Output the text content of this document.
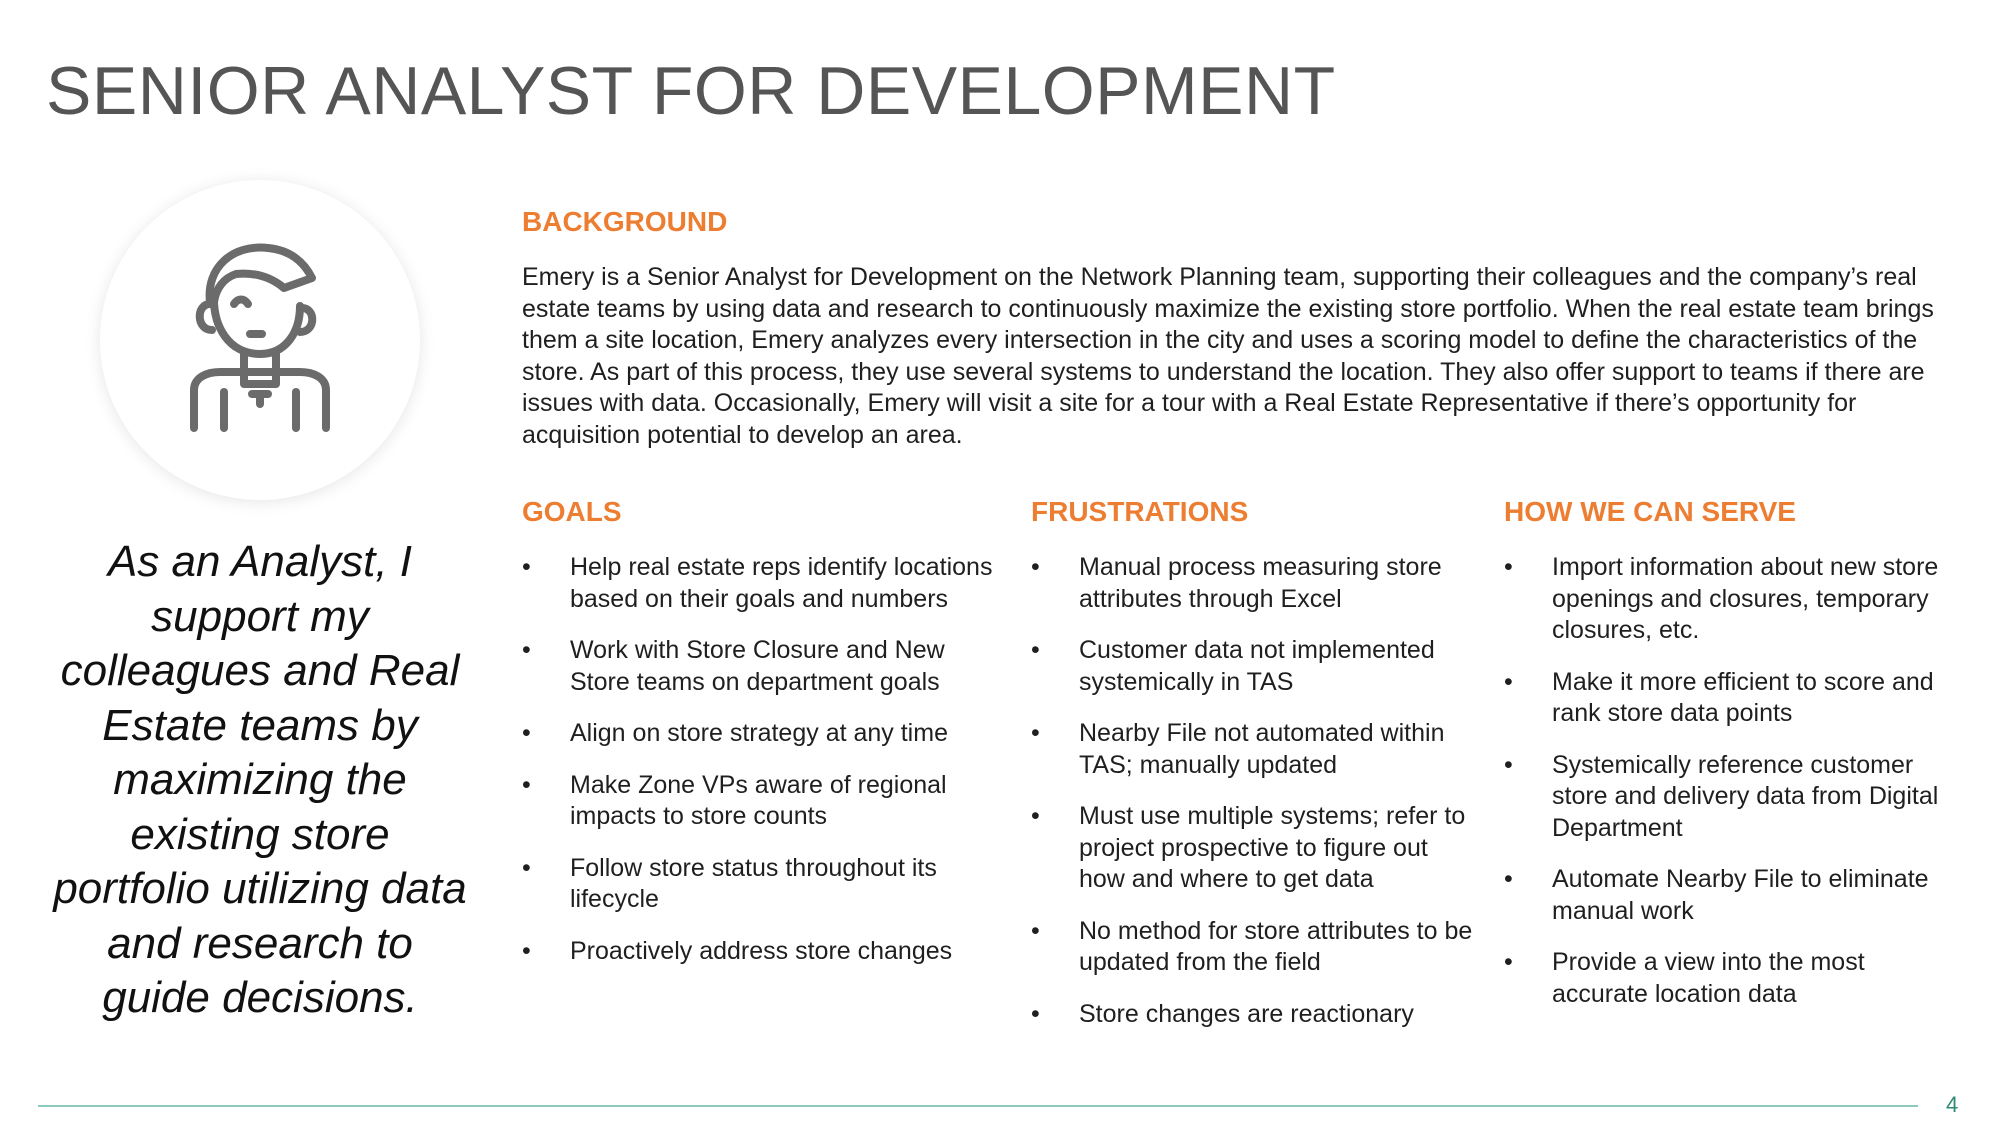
SENIOR ANALYST FOR DEVELOPMENT

As an Analyst, I support my colleagues and Real Estate teams by maximizing the existing store portfolio utilizing data and research to guide decisions.

BACKGROUND

Emery is a Senior Analyst for Development on the Network Planning team, supporting their colleagues and the company’s real estate teams by using data and research to continuously maximize the existing store portfolio. When the real estate team brings them a site location, Emery analyzes every intersection in the city and uses a scoring model to define the characteristics of the store. As part of this process, they use several systems to understand the location. They also offer support to teams if there are issues with data. Occasionally, Emery will visit a site for a tour with a Real Estate Representative if there’s opportunity for acquisition potential to develop an area.

GOALS
• Help real estate reps identify locations based on their goals and numbers
• Work with Store Closure and New Store teams on department goals
• Align on store strategy at any time
• Make Zone VPs aware of regional impacts to store counts
• Follow store status throughout its lifecycle
• Proactively address store changes
FRUSTRATIONS
• Manual process measuring store attributes through Excel
• Customer data not implemented systemically in TAS
• Nearby File not automated within TAS; manually updated
• Must use multiple systems; refer to project prospective to figure out how and where to get data
• No method for store attributes to be updated from the field
• Store changes are reactionary
HOW WE CAN SERVE
• Import information about new store openings and closures, temporary closures, etc.
• Make it more efficient to score and rank store data points
• Systemically reference customer store and delivery data from Digital Department
• Automate Nearby File to eliminate manual work
• Provide a view into the most accurate location data
4
